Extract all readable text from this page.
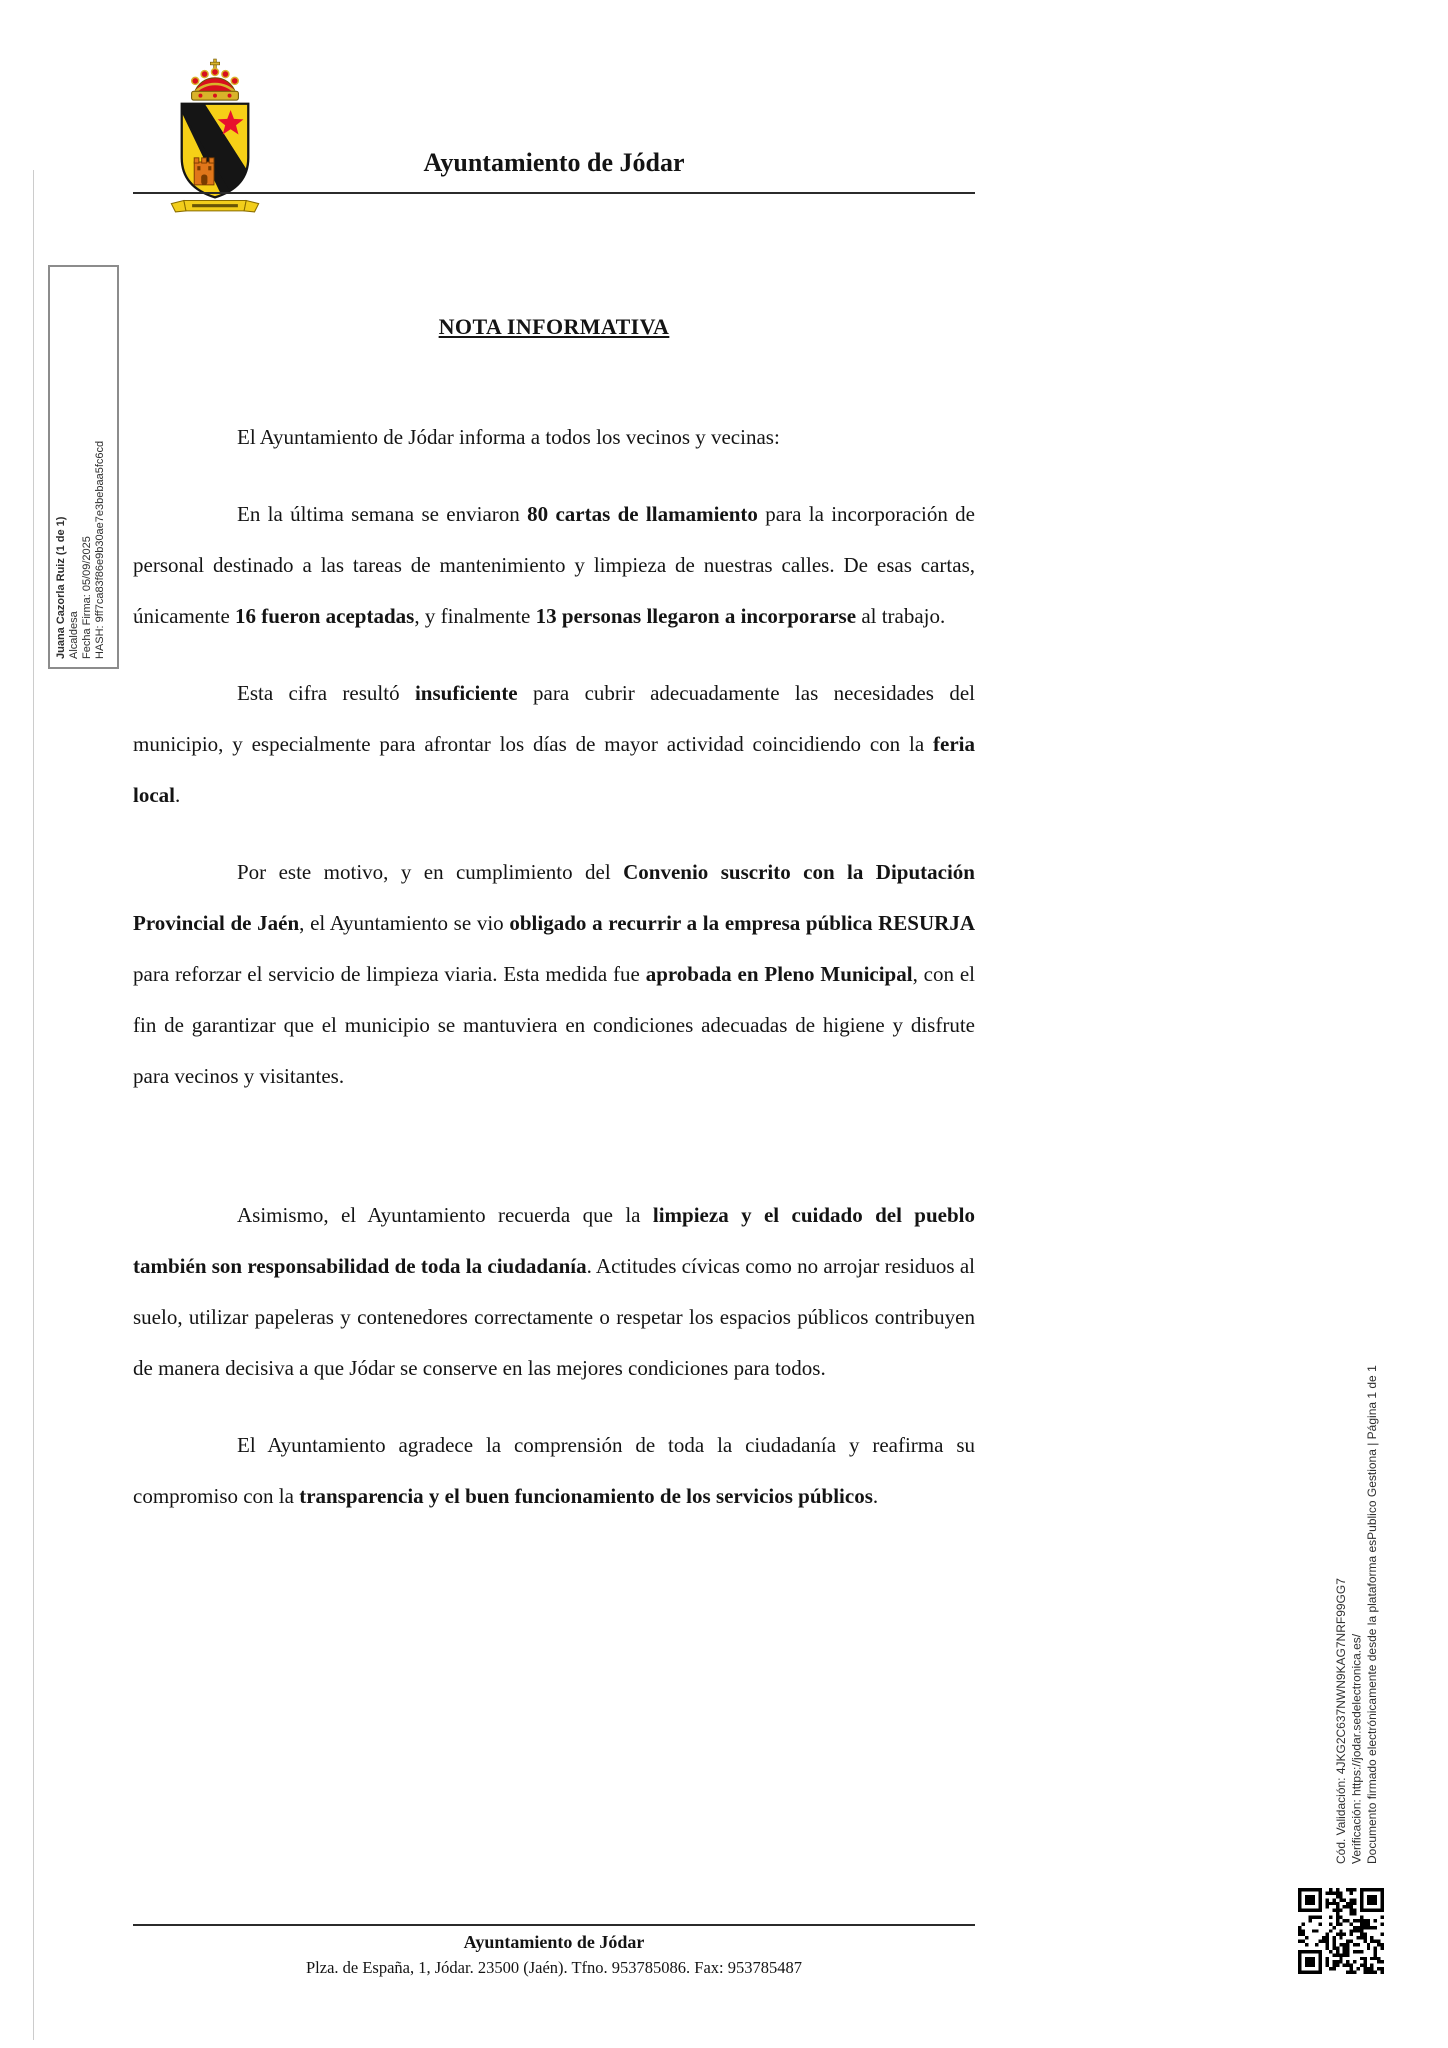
Ayuntamiento de Jódar
NOTA INFORMATIVA

El Ayuntamiento de Jódar informa a todos los vecinos y vecinas:

En la última semana se enviaron 80 cartas de llamamiento para la incorporación de personal destinado a las tareas de mantenimiento y limpieza de nuestras calles. De esas cartas, únicamente 16 fueron aceptadas, y finalmente 13 personas llegaron a incorporarse al trabajo.

Esta cifra resultó insuficiente para cubrir adecuadamente las necesidades del municipio, y especialmente para afrontar los días de mayor actividad coincidiendo con la feria local.

Por este motivo, y en cumplimiento del Convenio suscrito con la Diputación Provincial de Jaén, el Ayuntamiento se vio obligado a recurrir a la empresa pública RESURJA para reforzar el servicio de limpieza viaria. Esta medida fue aprobada en Pleno Municipal, con el fin de garantizar que el municipio se mantuviera en condiciones adecuadas de higiene y disfrute para vecinos y visitantes.

Asimismo, el Ayuntamiento recuerda que la limpieza y el cuidado del pueblo también son responsabilidad de toda la ciudadanía. Actitudes cívicas como no arrojar residuos al suelo, utilizar papeleras y contenedores correctamente o respetar los espacios públicos contribuyen de manera decisiva a que Jódar se conserve en las mejores condiciones para todos.

El Ayuntamiento agradece la comprensión de toda la ciudadanía y reafirma su compromiso con la transparencia y el buen funcionamiento de los servicios públicos.

Juana Cazorla Ruiz (1 de 1) Alcaldesa Fecha Firma: 05/09/2025 HASH: 9ff7ca83f86e9b30ae7e3bebaa5fc6cd
Cód. Validación: 4JKG2C637NWN9KAG7NRF99GG7 Verificación: https://jodar.sedelectronica.es/ Documento firmado electrónicamente desde la plataforma esPublico Gestiona | Página 1 de 1
Ayuntamiento de Jódar
Plza. de España, 1, Jódar. 23500 (Jaén). Tfno. 953785086. Fax: 953785487
